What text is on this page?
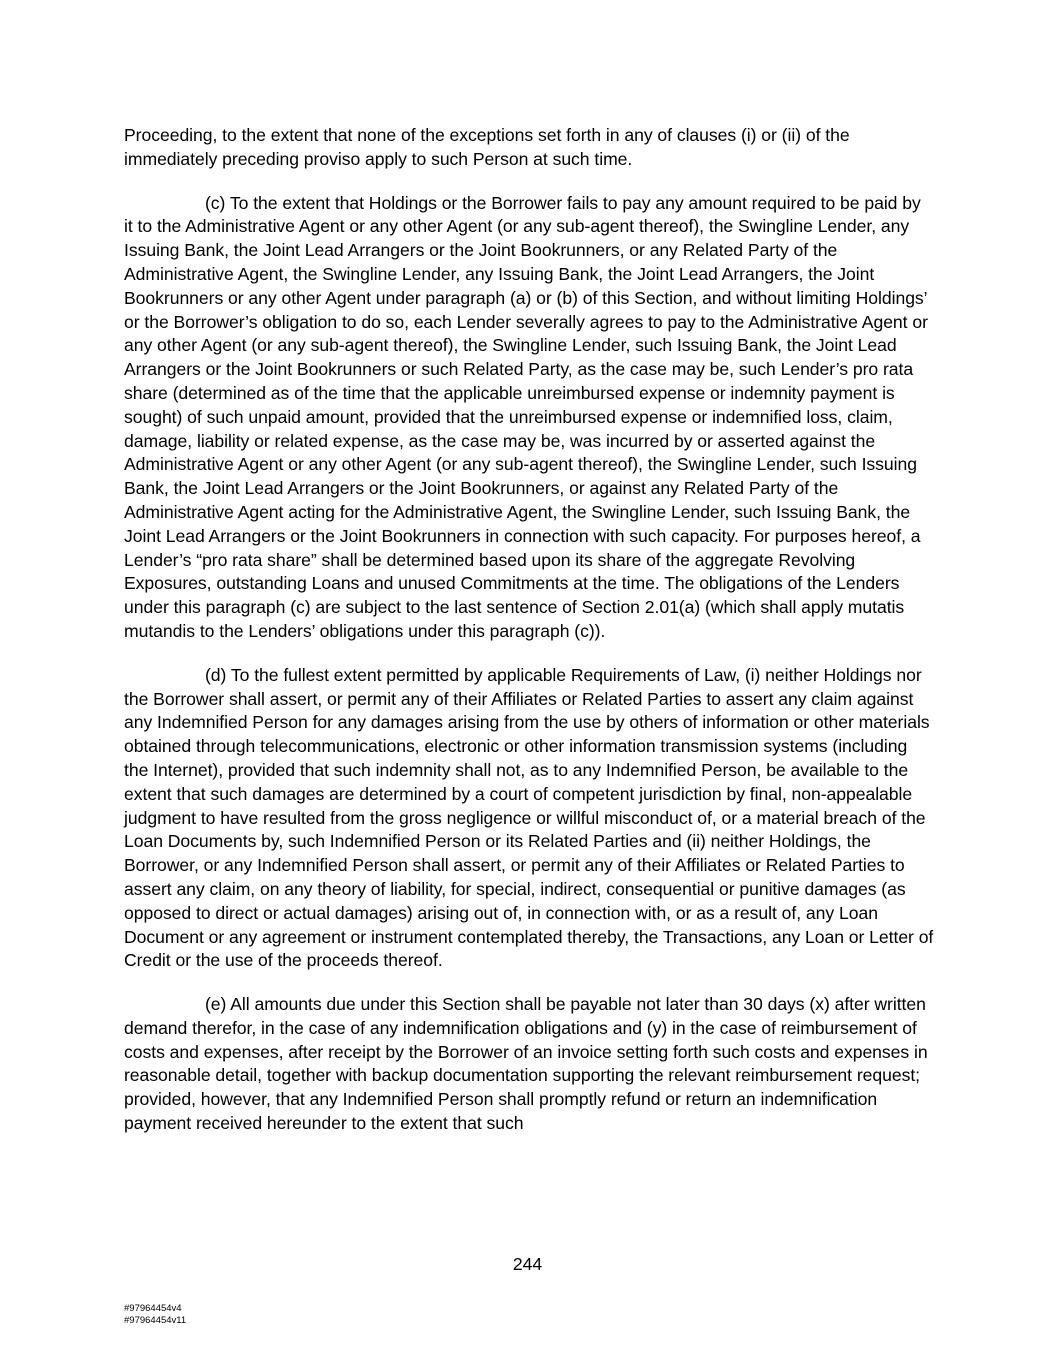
Proceeding, to the extent that none of the exceptions set forth in any of clauses (i) or (ii) of the immediately preceding proviso apply to such Person at such time.

(c) To the extent that Holdings or the Borrower fails to pay any amount required to be paid by it to the Administrative Agent or any other Agent (or any sub-agent thereof), the Swingline Lender, any Issuing Bank, the Joint Lead Arrangers or the Joint Bookrunners, or any Related Party of the Administrative Agent, the Swingline Lender, any Issuing Bank, the Joint Lead Arrangers, the Joint Bookrunners or any other Agent under paragraph (a) or (b) of this Section, and without limiting Holdings’ or the Borrower’s obligation to do so, each Lender severally agrees to pay to the Administrative Agent or any other Agent (or any sub-agent thereof), the Swingline Lender, such Issuing Bank, the Joint Lead Arrangers or the Joint Bookrunners or such Related Party, as the case may be, such Lender’s pro rata share (determined as of the time that the applicable unreimbursed expense or indemnity payment is sought) of such unpaid amount, provided that the unreimbursed expense or indemnified loss, claim, damage, liability or related expense, as the case may be, was incurred by or asserted against the Administrative Agent or any other Agent (or any sub-agent thereof), the Swingline Lender, such Issuing Bank, the Joint Lead Arrangers or the Joint Bookrunners, or against any Related Party of the Administrative Agent acting for the Administrative Agent, the Swingline Lender, such Issuing Bank, the Joint Lead Arrangers or the Joint Bookrunners in connection with such capacity. For purposes hereof, a Lender’s “pro rata share” shall be determined based upon its share of the aggregate Revolving Exposures, outstanding Loans and unused Commitments at the time. The obligations of the Lenders under this paragraph (c) are subject to the last sentence of Section 2.01(a) (which shall apply mutatis mutandis to the Lenders’ obligations under this paragraph (c)).

(d) To the fullest extent permitted by applicable Requirements of Law, (i) neither Holdings nor the Borrower shall assert, or permit any of their Affiliates or Related Parties to assert any claim against any Indemnified Person for any damages arising from the use by others of information or other materials obtained through telecommunications, electronic or other information transmission systems (including the Internet), provided that such indemnity shall not, as to any Indemnified Person, be available to the extent that such damages are determined by a court of competent jurisdiction by final, non-appealable judgment to have resulted from the gross negligence or willful misconduct of, or a material breach of the Loan Documents by, such Indemnified Person or its Related Parties and (ii) neither Holdings, the Borrower, or any Indemnified Person shall assert, or permit any of their Affiliates or Related Parties to assert any claim, on any theory of liability, for special, indirect, consequential or punitive damages (as opposed to direct or actual damages) arising out of, in connection with, or as a result of, any Loan Document or any agreement or instrument contemplated thereby, the Transactions, any Loan or Letter of Credit or the use of the proceeds thereof.

(e) All amounts due under this Section shall be payable not later than 30 days (x) after written demand therefor, in the case of any indemnification obligations and (y) in the case of reimbursement of costs and expenses, after receipt by the Borrower of an invoice setting forth such costs and expenses in reasonable detail, together with backup documentation supporting the relevant reimbursement request; provided, however, that any Indemnified Person shall promptly refund or return an indemnification payment received hereunder to the extent that such

244
#97964454v4
#97964454v11
